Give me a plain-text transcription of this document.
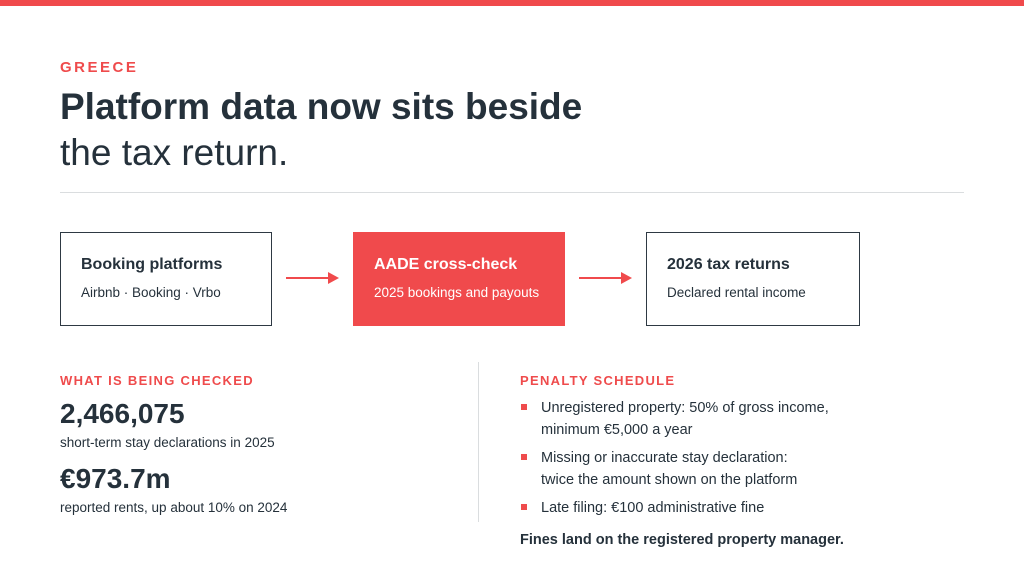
GREECE
Platform data now sits beside
the tax return.
Booking platforms
Airbnb · Booking · Vrbo
AADE cross-check
2025 bookings and payouts
2026 tax returns
Declared rental income
WHAT IS BEING CHECKED
2,466,075
short-term stay declarations in 2025
€973.7m
reported rents, up about 10% on 2024
PENALTY SCHEDULE
Unregistered property: 50% of gross income,
minimum €5,000 a year
Missing or inaccurate stay declaration:
twice the amount shown on the platform
Late filing: €100 administrative fine
Fines land on the registered property manager.
